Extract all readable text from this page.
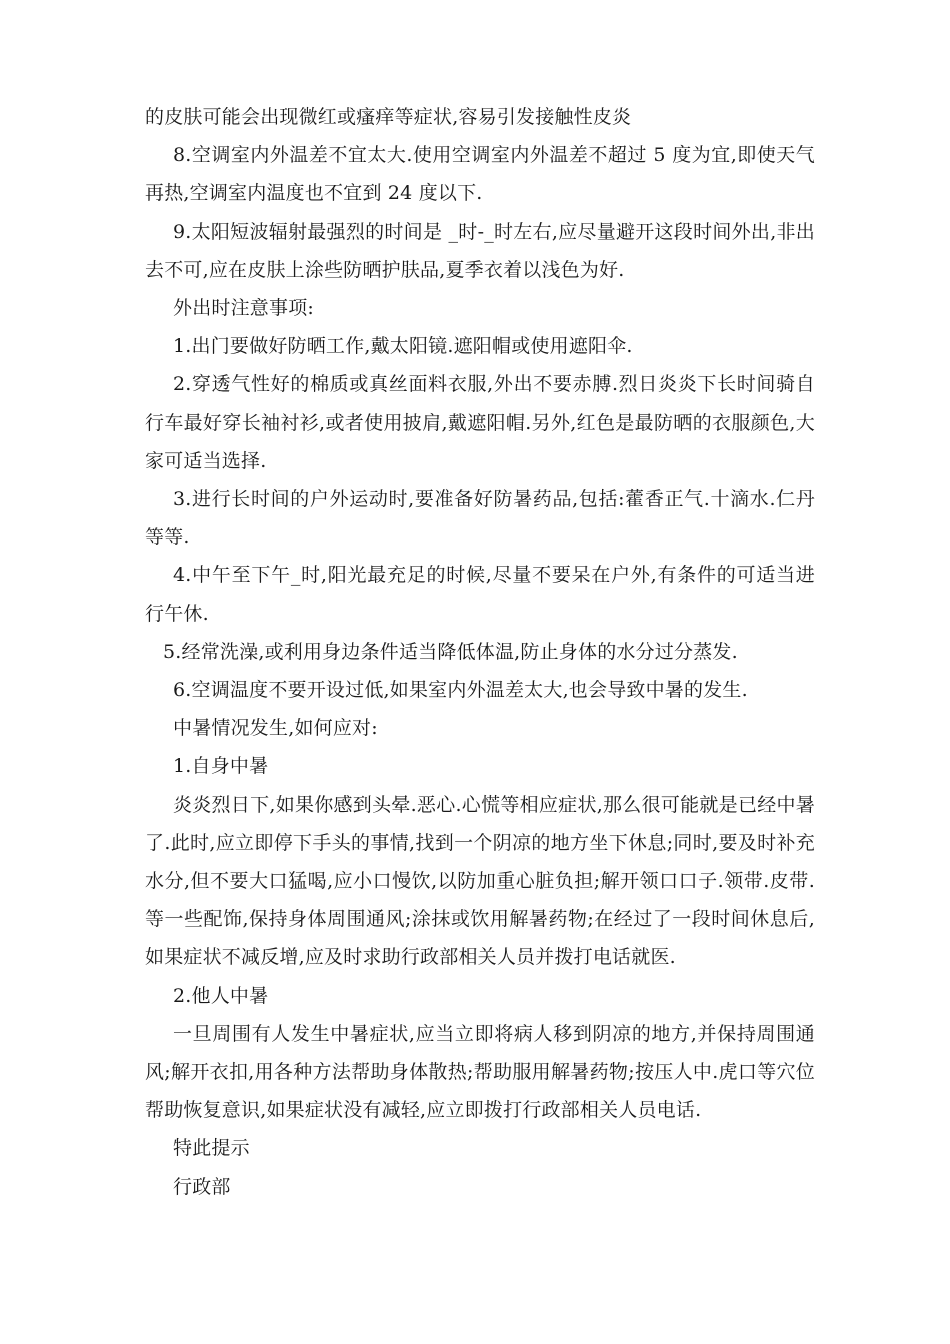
的皮肤可能会出现微红或瘙痒等症状,容易引发接触性皮炎

8.空调室内外温差不宜太大.使用空调室内外温差不超过 5 度为宜,即使天气再热,空调室内温度也不宜到 24 度以下.

9.太阳短波辐射最强烈的时间是 _时-_时左右,应尽量避开这段时间外出,非出去不可,应在皮肤上涂些防晒护肤品,夏季衣着以浅色为好.

外出时注意事项:

1.出门要做好防晒工作,戴太阳镜.遮阳帽或使用遮阳伞.

2.穿透气性好的棉质或真丝面料衣服,外出不要赤膊.烈日炎炎下长时间骑自行车最好穿长袖衬衫,或者使用披肩,戴遮阳帽.另外,红色是最防晒的衣服颜色,大家可适当选择.

3.进行长时间的户外运动时,要准备好防暑药品,包括:藿香正气.十滴水.仁丹等等.

4.中午至下午_时,阳光最充足的时候,尽量不要呆在户外,有条件的可适当进行午休.

5.经常洗澡,或利用身边条件适当降低体温,防止身体的水分过分蒸发.

6.空调温度不要开设过低,如果室内外温差太大,也会导致中暑的发生.

中暑情况发生,如何应对:

1.自身中暑

炎炎烈日下,如果你感到头晕.恶心.心慌等相应症状,那么很可能就是已经中暑了.此时,应立即停下手头的事情,找到一个阴凉的地方坐下休息;同时,要及时补充水分,但不要大口猛喝,应小口慢饮,以防加重心脏负担;解开领口口子.领带.皮带.等一些配饰,保持身体周围通风;涂抹或饮用解暑药物;在经过了一段时间休息后,如果症状不减反增,应及时求助行政部相关人员并拨打电话就医.

2.他人中暑

一旦周围有人发生中暑症状,应当立即将病人移到阴凉的地方,并保持周围通风;解开衣扣,用各种方法帮助身体散热;帮助服用解暑药物;按压人中.虎口等穴位帮助恢复意识,如果症状没有减轻,应立即拨打行政部相关人员电话.

特此提示

行政部
